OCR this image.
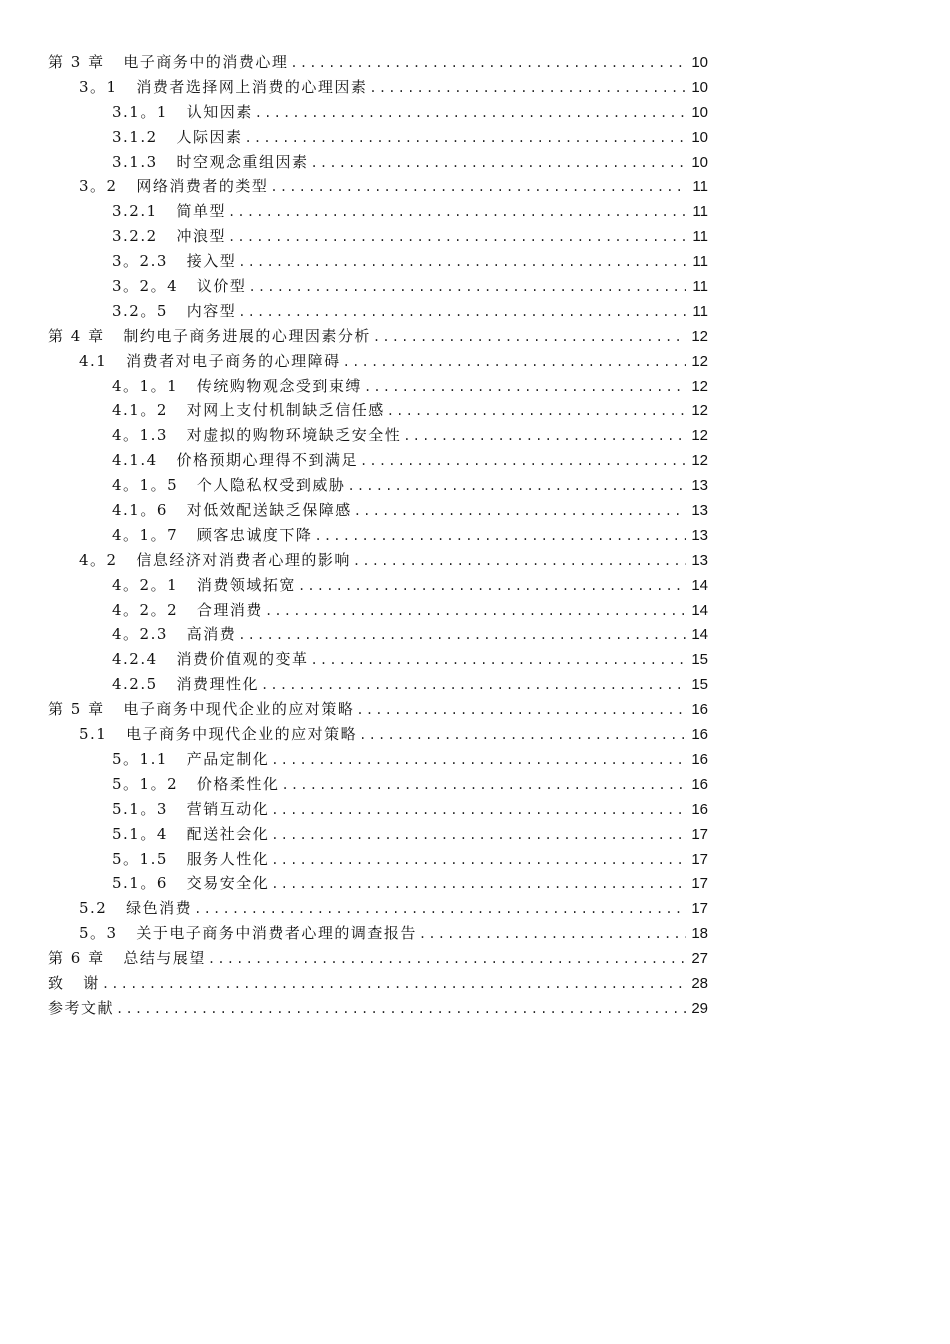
第 3 章   电子商务中的消费心理 .....	10
3。1   消费者选择网上消费的心理因素 .....	10
3.1。1   认知因素 .....	10
3.1.2   人际因素 .....	10
3.1.3   时空观念重组因素 .....	10
3。2   网络消费者的类型 .....	11
3.2.1   简单型 .....	11
3.2.2   冲浪型 .....	11
3。2.3   接入型 .....	11
3。2。4   议价型 .....	11
3.2。5   内容型 .....	11
第 4 章   制约电子商务进展的心理因素分析 .....	12
4.1   消费者对电子商务的心理障碍 .....	12
4。1。1   传统购物观念受到束缚 .....	12
4.1。2   对网上支付机制缺乏信任感 .....	12
4。1.3   对虚拟的购物环境缺乏安全性 .....	12
4.1.4   价格预期心理得不到满足 .....	12
4。1。5   个人隐私权受到威胁 .....	13
4.1。6   对低效配送缺乏保障感 .....	13
4。1。7   顾客忠诚度下降 .....	13
4。2   信息经济对消费者心理的影响 .....	13
4。2。1   消费领域拓宽 .....	14
4。2。2   合理消费 .....	14
4。2.3   高消费 .....	14
4.2.4   消费价值观的变革 .....	15
4.2.5   消费理性化 .....	15
第 5 章   电子商务中现代企业的应对策略 .....	16
5.1   电子商务中现代企业的应对策略 .....	16
5。1.1   产品定制化 .....	16
5。1。2   价格柔性化 .....	16
5.1。3   营销互动化 .....	16
5.1。4   配送社会化 .....	17
5。1.5   服务人性化 .....	17
5.1。6   交易安全化 .....	17
5.2   绿色消费 .....	17
5。3   关于电子商务中消费者心理的调查报告 .....	18
第 6 章   总结与展望 .....	27
致   谢 .....	28
参考文献 .....	29
